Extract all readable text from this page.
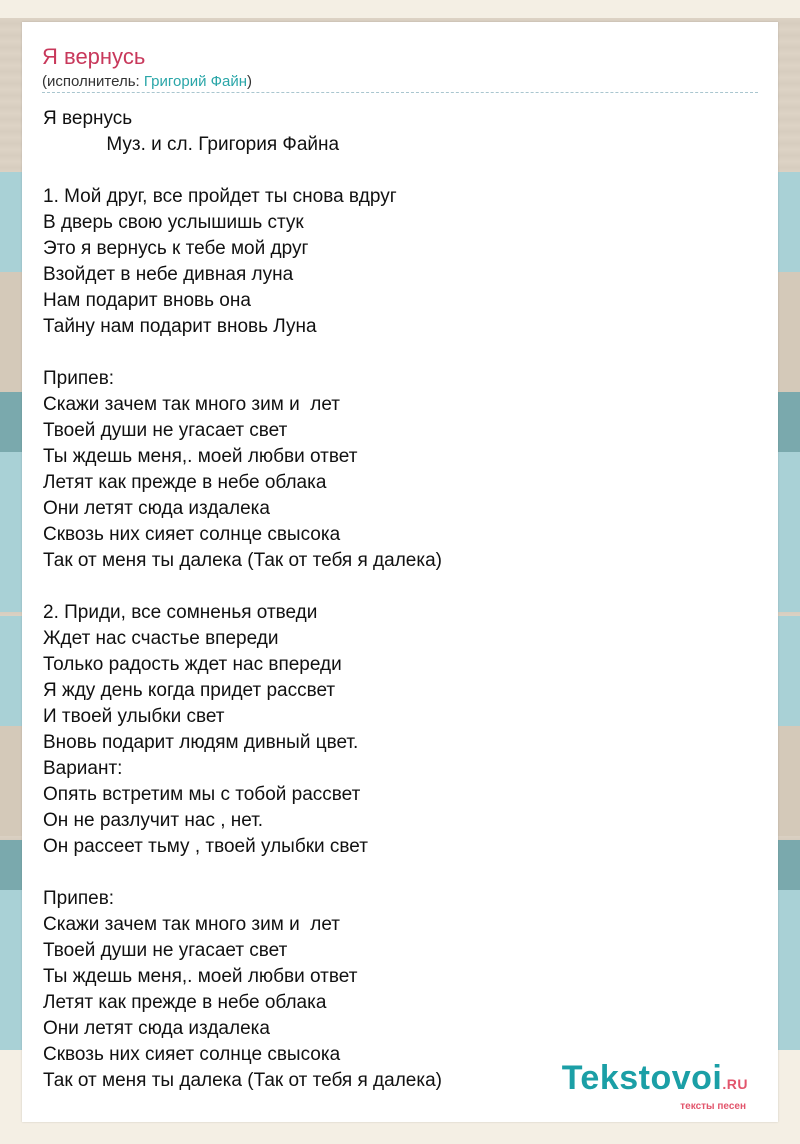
Я вернусь
(исполнитель: Григорий Файн)
Я вернусь
Муз. и сл. Григория Файна
1. Мой друг, все пройдет ты снова вдруг
В дверь свою услышишь стук
Это я вернусь к тебе мой друг
Взойдет в небе дивная луна
Нам подарит вновь она
Тайну нам подарит вновь Луна
Припев:
Скажи зачем так много зим и  лет
Твоей души не угасает свет
Ты ждешь меня,. моей любви ответ
Летят как прежде в небе облака
Они летят сюда издалека
Сквозь них сияет солнце свысока
Так от меня ты далека (Так от тебя я далека)
2. Приди, все сомненья отведи
Ждет нас счастье впереди
Только радость ждет нас впереди
Я жду день когда придет рассвет
И твоей улыбки свет
Вновь подарит людям дивный цвет.
Вариант:
Опять встретим мы с тобой рассвет
Он не разлучит нас , нет.
Он рассеет тьму , твоей улыбки свет
Припев:
Скажи зачем так много зим и  лет
Твоей души не угасает свет
Ты ждешь меня,. моей любви ответ
Летят как прежде в небе облака
Они летят сюда издалека
Сквозь них сияет солнце свысока
Так от меня ты далека (Так от тебя я далека)	Tekstovoi.RU
тексты песен
